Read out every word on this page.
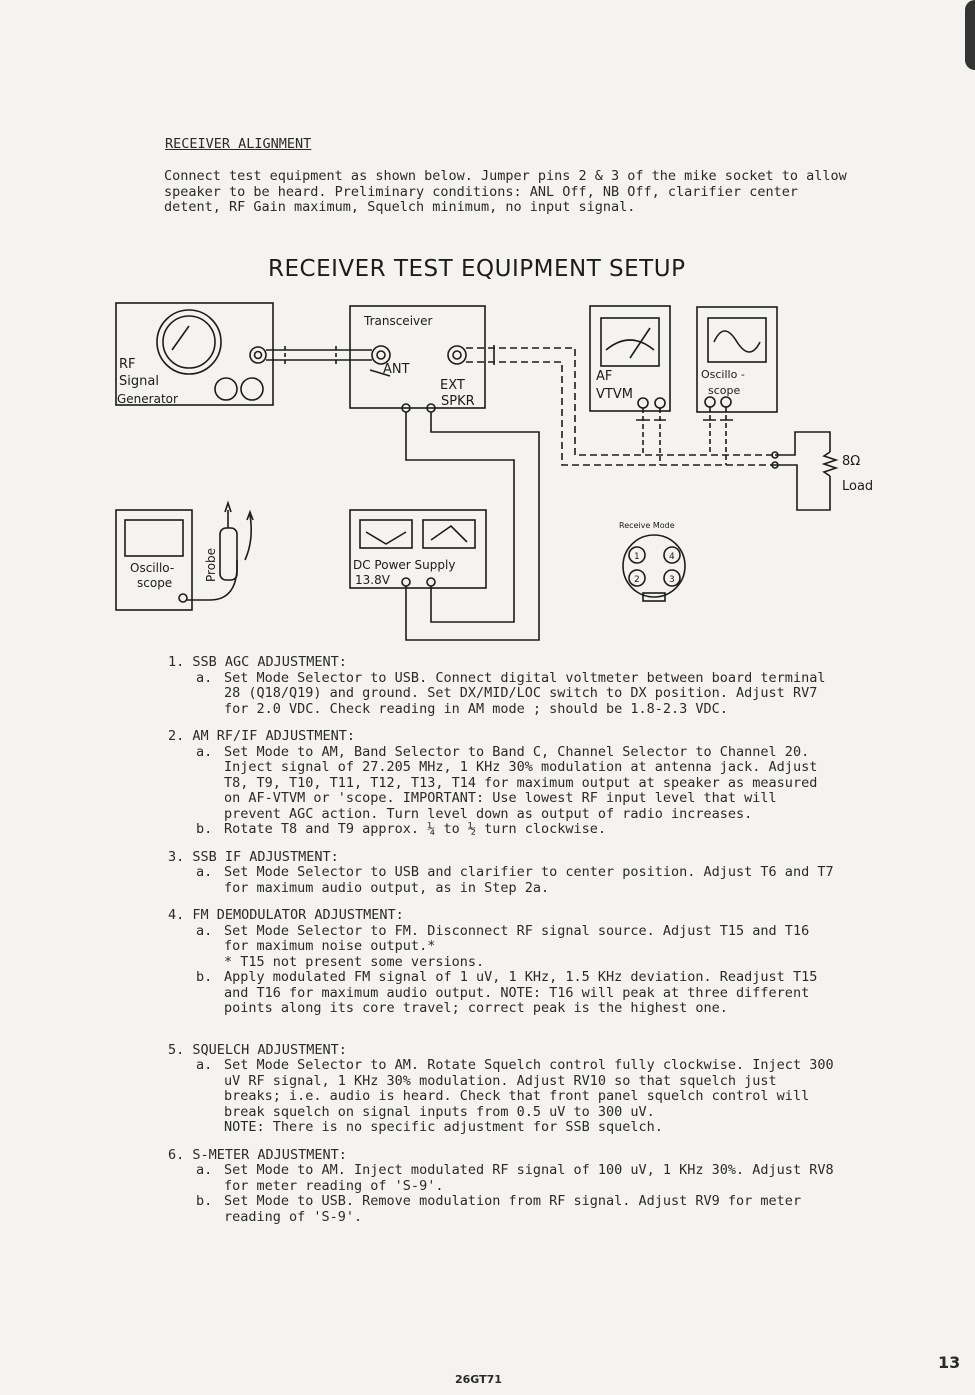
RECEIVER ALIGNMENT
Connect test equipment as shown below. Jumper pins 2 & 3 of the mike socket to allow speaker to be heard. Preliminary conditions: ANL Off, NB Off, clarifier center detent, RF Gain maximum, Squelch minimum, no input signal.
RECEIVER TEST EQUIPMENT SETUP
RF
Signal
Generator
Transceiver
ANT
EXT
SPKR
AF
VTVM
Oscillo -
scope
8Ω
Load
Oscillo-
scope
Probe	DC Power Supply
13.8V
Receive Mode
1	4
2	3
1. SSB AGC ADJUSTMENT:
a. Set Mode Selector to USB. Connect digital voltmeter between board terminal 28 (Q18/Q19) and ground. Set DX/MID/LOC switch to DX position. Adjust RV7 for 2.0 VDC. Check reading in AM mode ; should be 1.8-2.3 VDC.
2. AM RF/IF ADJUSTMENT:
a. Set Mode to AM, Band Selector to Band C, Channel Selector to Channel 20. Inject signal of 27.205 MHz, 1 KHz 30% modulation at antenna jack. Adjust T8, T9, T10, T11, T12, T13, T14 for maximum output at speaker as measured on AF-VTVM or 'scope. IMPORTANT: Use lowest RF input level that will prevent AGC action. Turn level down as output of radio increases.
b. Rotate T8 and T9 approx. ¼ to ½ turn clockwise.
3. SSB IF ADJUSTMENT:
a. Set Mode Selector to USB and clarifier to center position. Adjust T6 and T7 for maximum audio output, as in Step 2a.
4. FM DEMODULATOR ADJUSTMENT:
a. Set Mode Selector to FM. Disconnect RF signal source. Adjust T15 and T16 for maximum noise output.*
* T15 not present some versions.
b. Apply modulated FM signal of 1 uV, 1 KHz, 1.5 KHz deviation. Readjust T15 and T16 for maximum audio output. NOTE: T16 will peak at three different points along its core travel; correct peak is the highest one.
5. SQUELCH ADJUSTMENT:
a. Set Mode Selector to AM. Rotate Squelch control fully clockwise. Inject 300 uV RF signal, 1 KHz 30% modulation. Adjust RV10 so that squelch just breaks; i.e. audio is heard. Check that front panel squelch control will break squelch on signal inputs from 0.5 uV to 300 uV.
NOTE: There is no specific adjustment for SSB squelch.
6. S-METER ADJUSTMENT:
a. Set Mode to AM. Inject modulated RF signal of 100 uV, 1 KHz 30%. Adjust RV8 for meter reading of 'S-9'.
b. Set Mode to USB. Remove modulation from RF signal. Adjust RV9 for meter reading of 'S-9'.
26GT71
13
